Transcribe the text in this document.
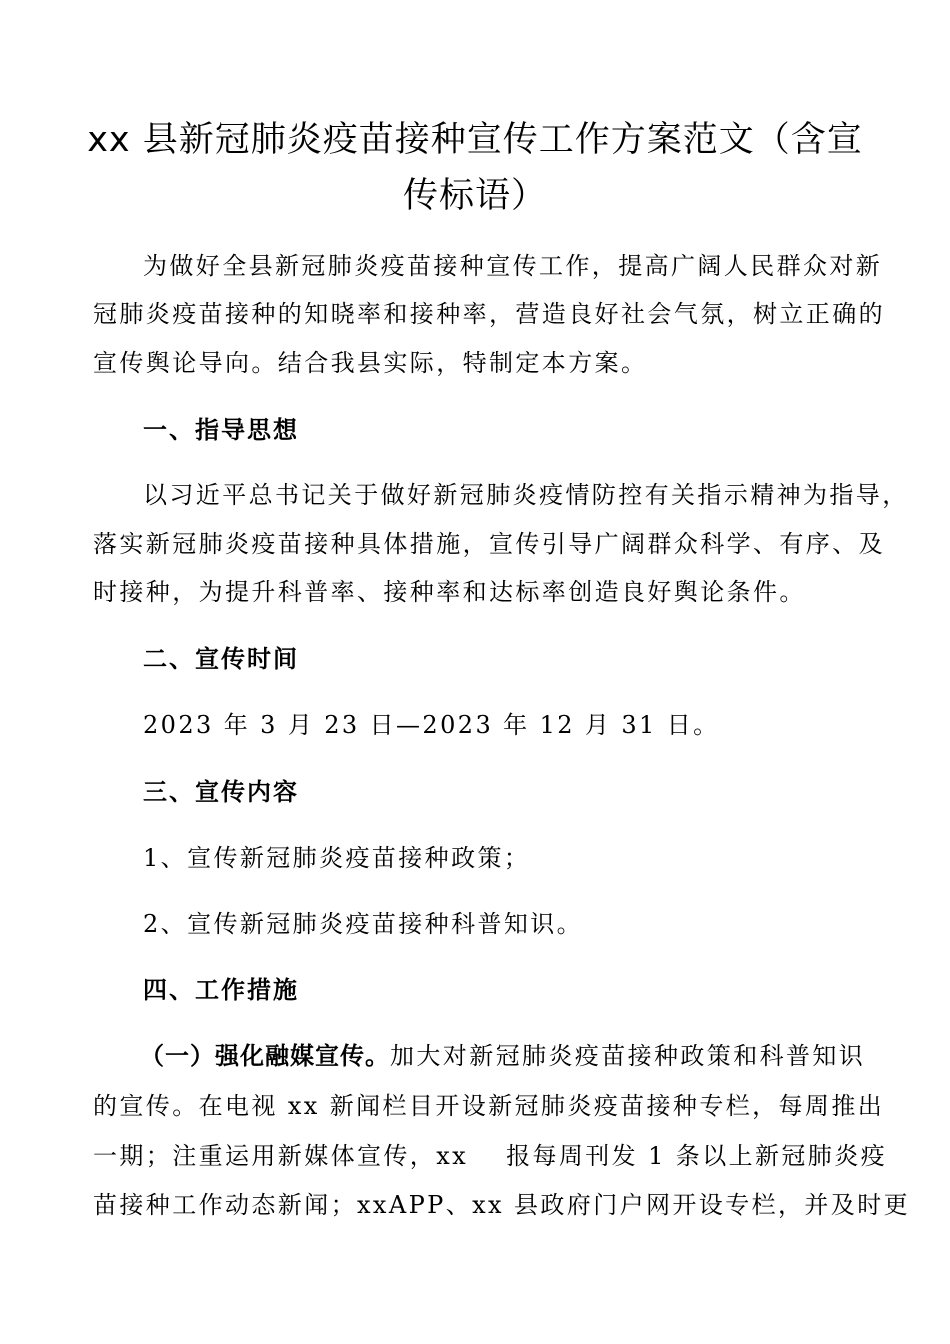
xx 县新冠肺炎疫苗接种宣传工作方案范文（含宣
传标语）

为做好全县新冠肺炎疫苗接种宣传工作，提高广阔人民群众对新

冠肺炎疫苗接种的知晓率和接种率，营造良好社会气氛，树立正确的

宣传舆论导向。结合我县实际，特制定本方案。

一、指导思想

以习近平总书记关于做好新冠肺炎疫情防控有关指示精神为指导，

落实新冠肺炎疫苗接种具体措施，宣传引导广阔群众科学、有序、及

时接种，为提升科普率、接种率和达标率创造良好舆论条件。

二、宣传时间

2023 年 3 月 23 日—2023 年 12 月 31 日。

三、宣传内容

1、宣传新冠肺炎疫苗接种政策；

2、宣传新冠肺炎疫苗接种科普知识。

四、工作措施

（一）强化融媒宣传。加大对新冠肺炎疫苗接种政策和科普知识

的宣传。在电视 xx 新闻栏目开设新冠肺炎疫苗接种专栏，每周推出

一期；注重运用新媒体宣传，xx 报每周刊发 1 条以上新冠肺炎疫

苗接种工作动态新闻；xxAPP、xx 县政府门户网开设专栏，并及时更
